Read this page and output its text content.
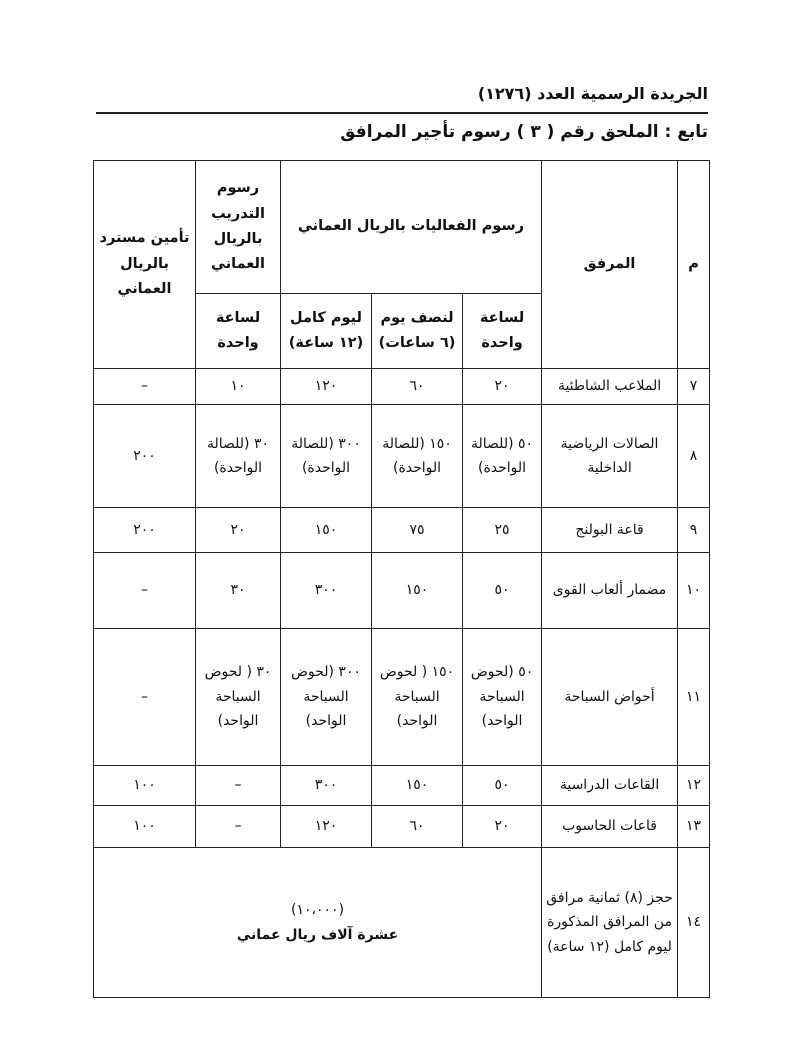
الجريدة الرسمية العدد (١٢٧٦)
تابع : الملحق رقم ( ٣ ) رسوم تأجير المرافق
م	المرفق	رسوم الفعاليات بالريال العماني			رسوم التدريب بالريال العماني	تأمين مسترد بالريال العماني
		لساعة واحدة	لنصف يوم (٦ ساعات)	ليوم كامل (١٢ ساعة)	لساعة واحدة	
٧	الملاعب الشاطئية	٢٠	٦٠	١٢٠	١٠	–
٨	الصالات الرياضية الداخلية	٥٠ (للصالة الواحدة)	١٥٠ (للصالة الواحدة)	٣٠٠ (للصالة الواحدة)	٣٠ (للصالة الواحدة)	٢٠٠
٩	قاعة البولنج	٢٥	٧٥	١٥٠	٢٠	٢٠٠
١٠	مضمار ألعاب القوى	٥٠	١٥٠	٣٠٠	٣٠	–
١١	أحواض السباحة	٥٠ (لحوض السباحة الواحد)	١٥٠ ( لحوض السباحة الواحد)	٣٠٠ (لحوض السباحة الواحد)	٣٠ ( لحوض السباحة الواحد)	–
١٢	القاعات الدراسية	٥٠	١٥٠	٣٠٠	–	١٠٠
١٣	قاعات الحاسوب	٢٠	٦٠	١٢٠	–	١٠٠
١٤	حجز (٨) ثمانية مرافق من المرافق المذكورة ليوم كامل (١٢ ساعة)	(١٠،٠٠٠)
عشرة آلاف ريال عماني				
